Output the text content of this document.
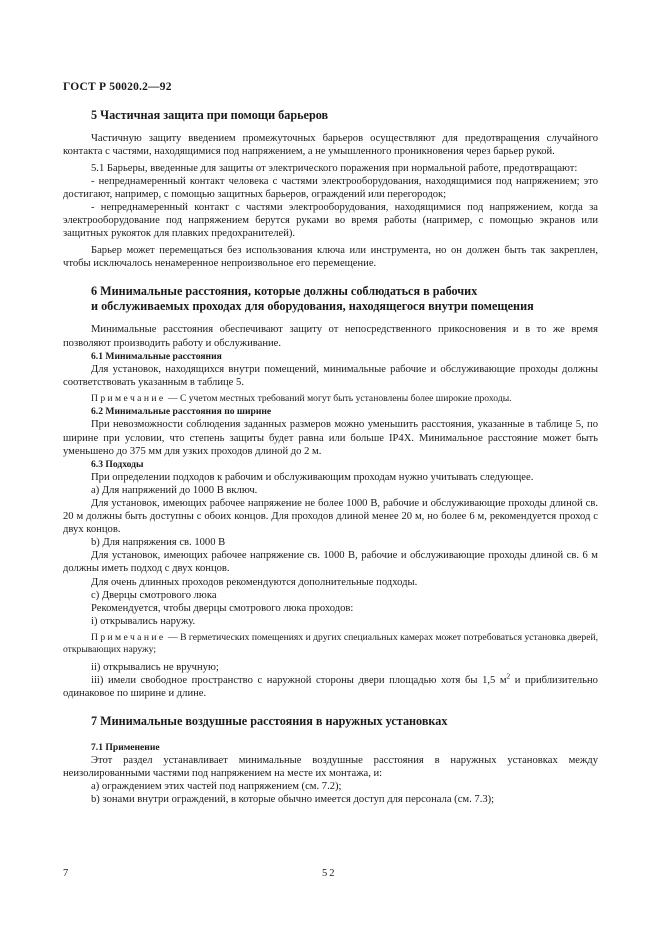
ГОСТ Р 50020.2—92
5 Частичная защита при помощи барьеров

Частичную защиту введением промежуточных барьеров осуществляют для предотвращения случайного контакта с частями, находящимися под напряжением, а не умышленного проникновения через барьер рукой.

5.1 Барьеры, введенные для защиты от электрического поражения при нормальной работе, предотвращают:

- непреднамеренный контакт человека с частями электрооборудования, находящимися под напряжением; это достигают, например, с помощью защитных барьеров, ограждений или перегородок;

- непреднамеренный контакт с частями электрооборудования, находящимися под напряжением, когда за электрооборудование под напряжением берутся руками во время работы (например, с помощью экранов или защитных рукояток для плавких предохранителей).

Барьер может перемещаться без использования ключа или инструмента, но он должен быть так закреплен, чтобы исключалось ненамеренное непроизвольное его перемещение.

6 Минимальные расстояния, которые должны соблюдаться в рабочих
и обслуживаемых проходах для оборудования, находящегося внутри помещения

Минимальные расстояния обеспечивают защиту от непосредственного прикосновения и в то же время позволяют производить работу и обслуживание.

6.1 Минимальные расстояния

Для установок, находящихся внутри помещений, минимальные рабочие и обслуживающие проходы должны соответствовать указанным в таблице 5.

Примечание — С учетом местных требований могут быть установлены более широкие проходы.

6.2 Минимальные расстояния по ширине

При невозможности соблюдения заданных размеров можно уменьшить расстояния, указанные в таблице 5, по ширине при условии, что степень защиты будет равна или больше IP4X. Минимальное расстояние может быть уменьшено до 375 мм для узких проходов длиной до 2 м.

6.3 Подходы

При определении подходов к рабочим и обслуживающим проходам нужно учитывать следующее.

а) Для напряжений до 1000 В включ.

Для установок, имеющих рабочее напряжение не более 1000 В, рабочие и обслуживающие проходы длиной св. 20 м должны быть доступны с обоих концов. Для проходов длиной менее 20 м, но более 6 м, рекомендуется проход с двух концов.

b) Для напряжения св. 1000 В

Для установок, имеющих рабочее напряжение св. 1000 В, рабочие и обслуживающие проходы длиной св. 6 м должны иметь подход с двух концов.

Для очень длинных проходов рекомендуются дополнительные подходы.

с) Дверцы смотрового люка

Рекомендуется, чтобы дверцы смотрового люка проходов:

i) открывались наружу.

Примечание — В герметических помещениях и других специальных камерах может потребоваться установка дверей, открывающих наружу;

ii) открывались не вручную;

iii) имели свободное пространство с наружной стороны двери площадью хотя бы 1,5 $м^2$ и приблизительно одинаковое по ширине и длине.

7 Минимальные воздушные расстояния в наружных установках

7.1 Применение

Этот раздел устанавливает минимальные воздушные расстояния в наружных установках между неизолированными частями под напряжением на месте их монтажа, и:

а) ограждением этих частей под напряжением (см. 7.2);

b) зонами внутри ограждений, в которые обычно имеется доступ для персонала (см. 7.3);

7	52
